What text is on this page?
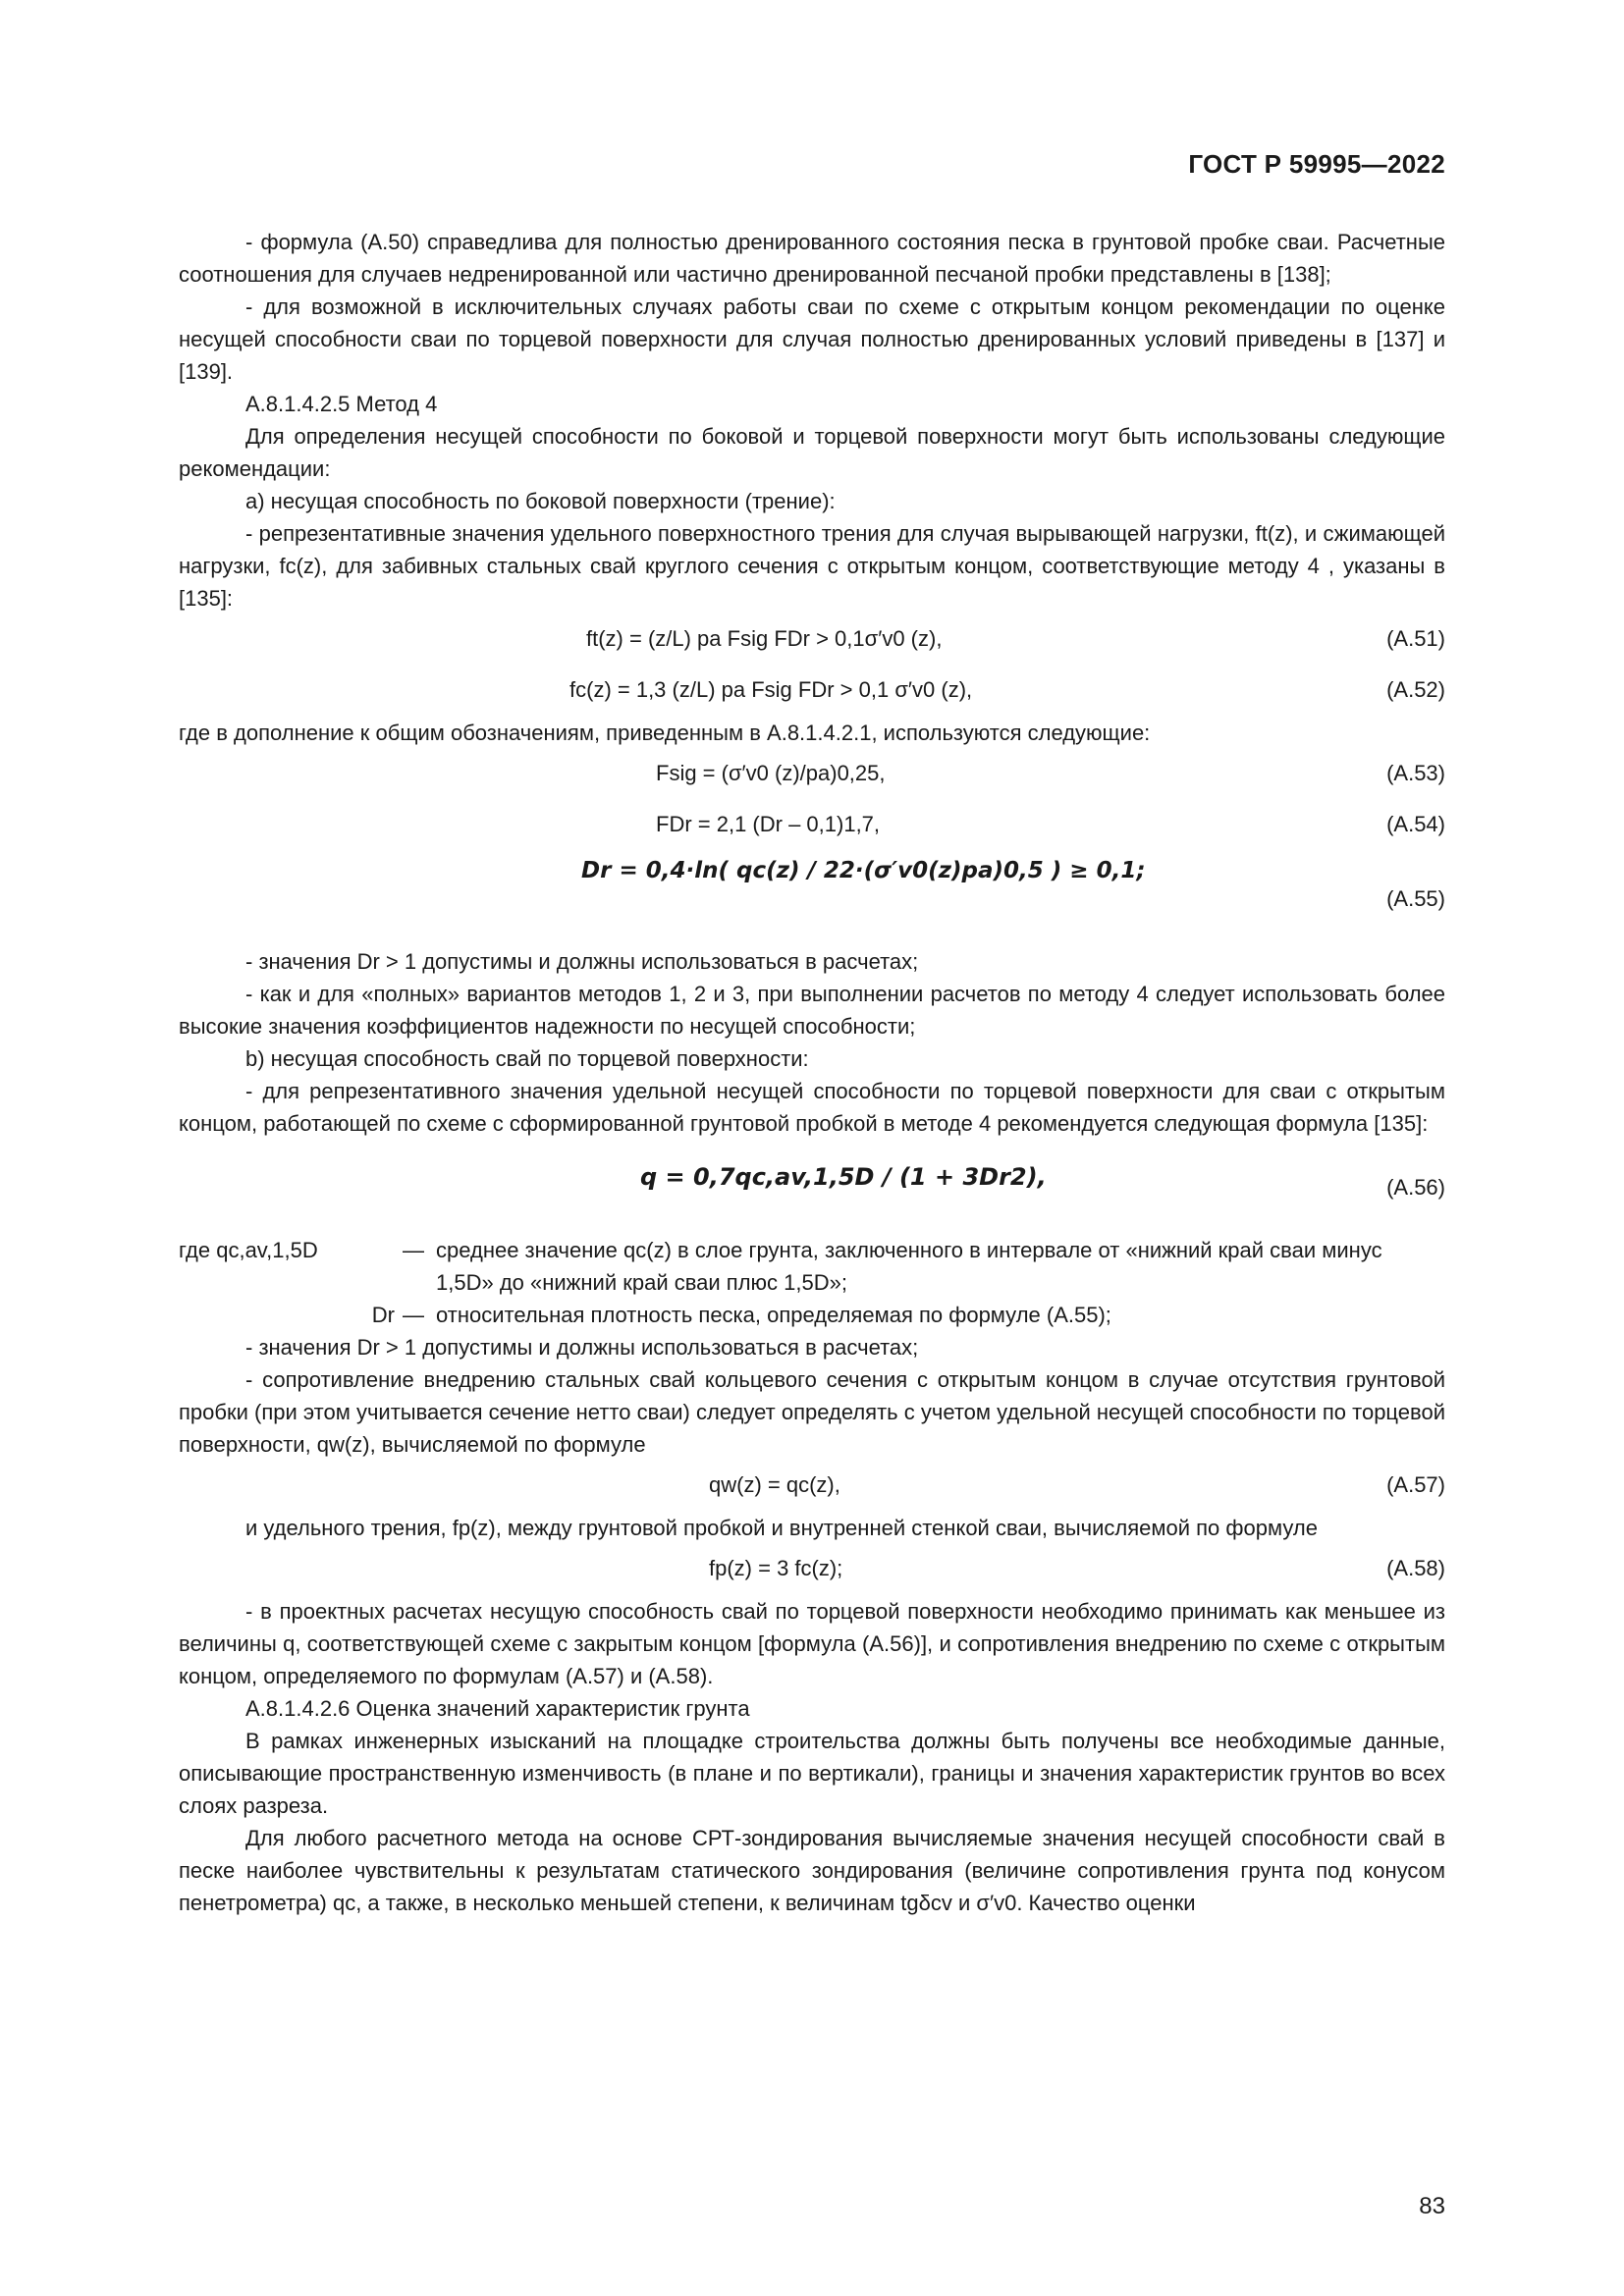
ГОСТ Р 59995—2022

- формула (А.50) справедлива для полностью дренированного состояния песка в грунтовой пробке сваи. Расчетные соотношения для случаев недренированной или частично дренированной песчаной пробки представлены в [138];

- для возможной в исключительных случаях работы сваи по схеме с открытым концом рекомендации по оценке несущей способности сваи по торцевой поверхности для случая полностью дренированных условий приведены в [137] и [139].

А.8.1.4.2.5 Метод 4

Для определения несущей способности по боковой и торцевой поверхности могут быть использованы следующие рекомендации:

а) несущая способность по боковой поверхности (трение):

- репрезентативные значения удельного поверхностного трения для случая вырывающей нагрузки, ft(z), и сжимающей нагрузки, fc(z), для забивных стальных свай круглого сечения с открытым концом, соответствующие методу 4 , указаны в [135]:

ft(z) = (z/L) pa Fsig FDr > 0,1σ′v0 (z),	(А.51)
fc(z) = 1,3 (z/L) pa Fsig FDr > 0,1 σ′v0 (z),	(А.52)

где в дополнение к общим обозначениям, приведенным в А.8.1.4.2.1, используются следующие:

Fsig = (σ′v0 (z)/pa)0,25,	(А.53)
FDr = 2,1 (Dr – 0,1)1,7,	(А.54)
Dr = 0,4·ln( qc(z) / 22·(σ′v0(z)pa)0,5 ) ≥ 0,1;
(А.55)

- значения Dr > 1 допустимы и должны использоваться в расчетах;

- как и для «полных» вариантов методов 1, 2 и 3, при выполнении расчетов по методу 4 следует использовать более высокие значения коэффициентов надежности по несущей способности;

b) несущая способность свай по торцевой поверхности:

- для репрезентативного значения удельной несущей способности по торцевой поверхности для сваи с открытым концом, работающей по схеме с сформированной грунтовой пробкой в методе 4 рекомендуется следующая формула [135]:

q = 0,7qc,av,1,5D / (1 + 3Dr2),	(А.56)
где qc,av,1,5D	— среднее значение qc(z) в слое грунта, заключенного в интервале от «нижний край сваи минус 1,5D» до «нижний край сваи плюс 1,5D»;
Dr — относительная плотность песка, определяемая по формуле (А.55);

- значения Dr > 1 допустимы и должны использоваться в расчетах;

- сопротивление внедрению стальных свай кольцевого сечения с открытым концом в случае отсутствия грунтовой пробки (при этом учитывается сечение нетто сваи) следует определять с учетом удельной несущей способности по торцевой поверхности, qw(z), вычисляемой по формуле

qw(z) = qc(z),	(А.57)

и удельного трения, fp(z), между грунтовой пробкой и внутренней стенкой сваи, вычисляемой по формуле

fp(z) = 3 fc(z);	(А.58)

- в проектных расчетах несущую способность свай по торцевой поверхности необходимо принимать как меньшее из величины q, соответствующей схеме с закрытым концом [формула (А.56)], и сопротивления внедрению по схеме с открытым концом, определяемого по формулам (А.57) и (А.58).

А.8.1.4.2.6 Оценка значений характеристик грунта

В рамках инженерных изысканий на площадке строительства должны быть получены все необходимые данные, описывающие пространственную изменчивость (в плане и по вертикали), границы и значения характеристик грунтов во всех слоях разреза.

Для любого расчетного метода на основе СРТ-зондирования вычисляемые значения несущей способности свай в песке наиболее чувствительны к результатам статического зондирования (величине сопротивления грунта под конусом пенетрометра) qc, а также, в несколько меньшей степени, к величинам tgδcv и σ′v0. Качество оценки

83
